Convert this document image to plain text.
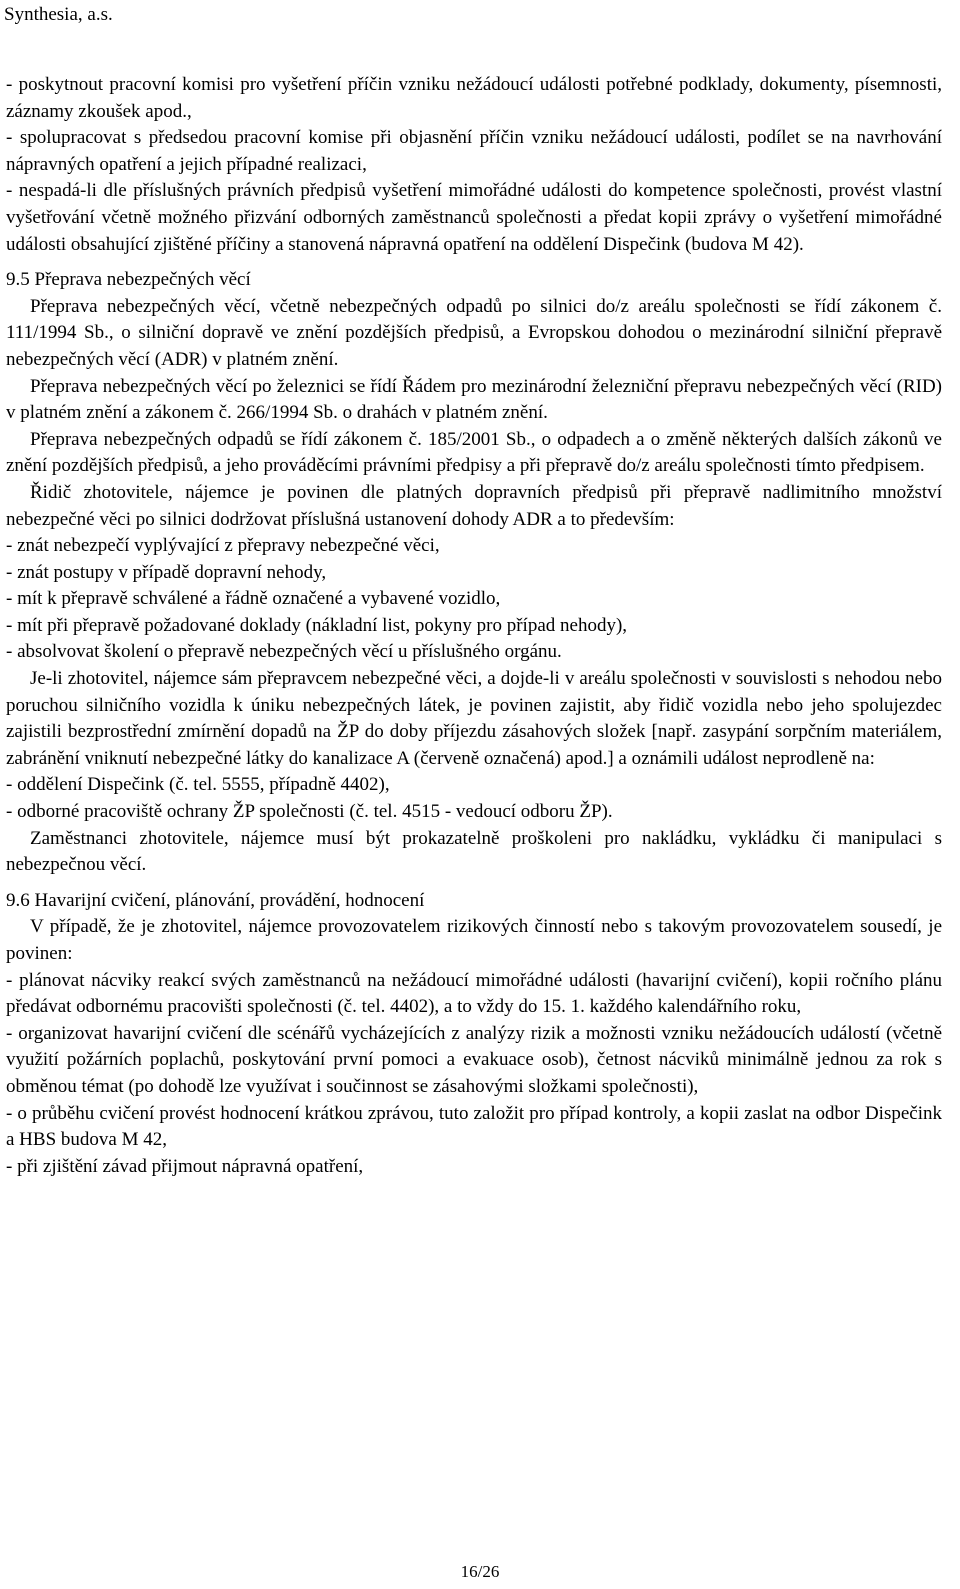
Synthesia, a.s.

- poskytnout pracovní komisi pro vyšetření příčin vzniku nežádoucí události potřebné podklady, dokumenty, písemnosti, záznamy zkoušek apod.,

- spolupracovat s předsedou pracovní komise při objasnění příčin vzniku nežádoucí události, podílet se na navrhování nápravných opatření a jejich případné realizaci,

- nespadá-li dle příslušných právních předpisů vyšetření mimořádné události do kompetence společnosti, provést vlastní vyšetřování včetně možného přizvání odborných zaměstnanců společnosti a předat kopii zprávy o vyšetření mimořádné události obsahující zjištěné příčiny a stanovená nápravná opatření na oddělení Dispečink (budova M 42).

9.5 Přeprava nebezpečných věcí

Přeprava nebezpečných věcí, včetně nebezpečných odpadů po silnici do/z areálu společnosti se řídí zákonem č. 111/1994 Sb., o silniční dopravě ve znění pozdějších předpisů, a Evropskou dohodou o mezinárodní silniční přepravě nebezpečných věcí (ADR) v platném znění.

Přeprava nebezpečných věcí po železnici se řídí Řádem pro mezinárodní železniční přepravu nebezpečných věcí (RID) v platném znění a zákonem č. 266/1994 Sb. o drahách v platném znění.

Přeprava nebezpečných odpadů se řídí zákonem č. 185/2001 Sb., o odpadech a o změně některých dalších zákonů ve znění pozdějších předpisů, a jeho prováděcími právními předpisy a při přepravě do/z areálu společnosti tímto předpisem.

Řidič zhotovitele, nájemce je povinen dle platných dopravních předpisů při přepravě nadlimitního množství nebezpečné věci po silnici dodržovat příslušná ustanovení dohody ADR a to především:

- znát nebezpečí vyplývající z přepravy nebezpečné věci,

- znát postupy v případě dopravní nehody,

- mít k přepravě schválené a řádně označené a vybavené vozidlo,

- mít při přepravě požadované doklady (nákladní list, pokyny pro případ nehody),

- absolvovat školení o přepravě nebezpečných věcí u příslušného orgánu.

Je-li zhotovitel, nájemce sám přepravcem nebezpečné věci, a dojde-li v areálu společnosti v souvislosti s nehodou nebo poruchou silničního vozidla k úniku nebezpečných látek, je povinen zajistit, aby řidič vozidla nebo jeho spolujezdec zajistili bezprostřední zmírnění dopadů na ŽP do doby příjezdu zásahových složek [např. zasypání sorpčním materiálem, zabránění vniknutí nebezpečné látky do kanalizace A (červeně označená) apod.] a oznámili událost neprodleně na:

- oddělení Dispečink (č. tel. 5555, případně 4402),

- odborné pracoviště ochrany ŽP společnosti (č. tel. 4515 - vedoucí odboru ŽP).

Zaměstnanci zhotovitele, nájemce musí být prokazatelně proškoleni pro nakládku, vykládku či manipulaci s nebezpečnou věcí.

9.6 Havarijní cvičení, plánování, provádění, hodnocení

V případě, že je zhotovitel, nájemce provozovatelem rizikových činností nebo s takovým provozovatelem sousedí, je povinen:

- plánovat nácviky reakcí svých zaměstnanců na nežádoucí mimořádné události (havarijní cvičení), kopii ročního plánu předávat odbornému pracovišti společnosti (č. tel. 4402), a to vždy do 15. 1. každého kalendářního roku,

- organizovat havarijní cvičení dle scénářů vycházejících z analýzy rizik a možnosti vzniku nežádoucích událostí (včetně využití požárních poplachů, poskytování první pomoci a evakuace osob), četnost nácviků minimálně jednou za rok s obměnou témat (po dohodě lze využívat i součinnost se zásahovými složkami společnosti),

- o průběhu cvičení provést hodnocení krátkou zprávou, tuto založit pro případ kontroly, a kopii zaslat na odbor Dispečink a HBS budova M 42,

- při zjištění závad přijmout nápravná opatření,

16/26
